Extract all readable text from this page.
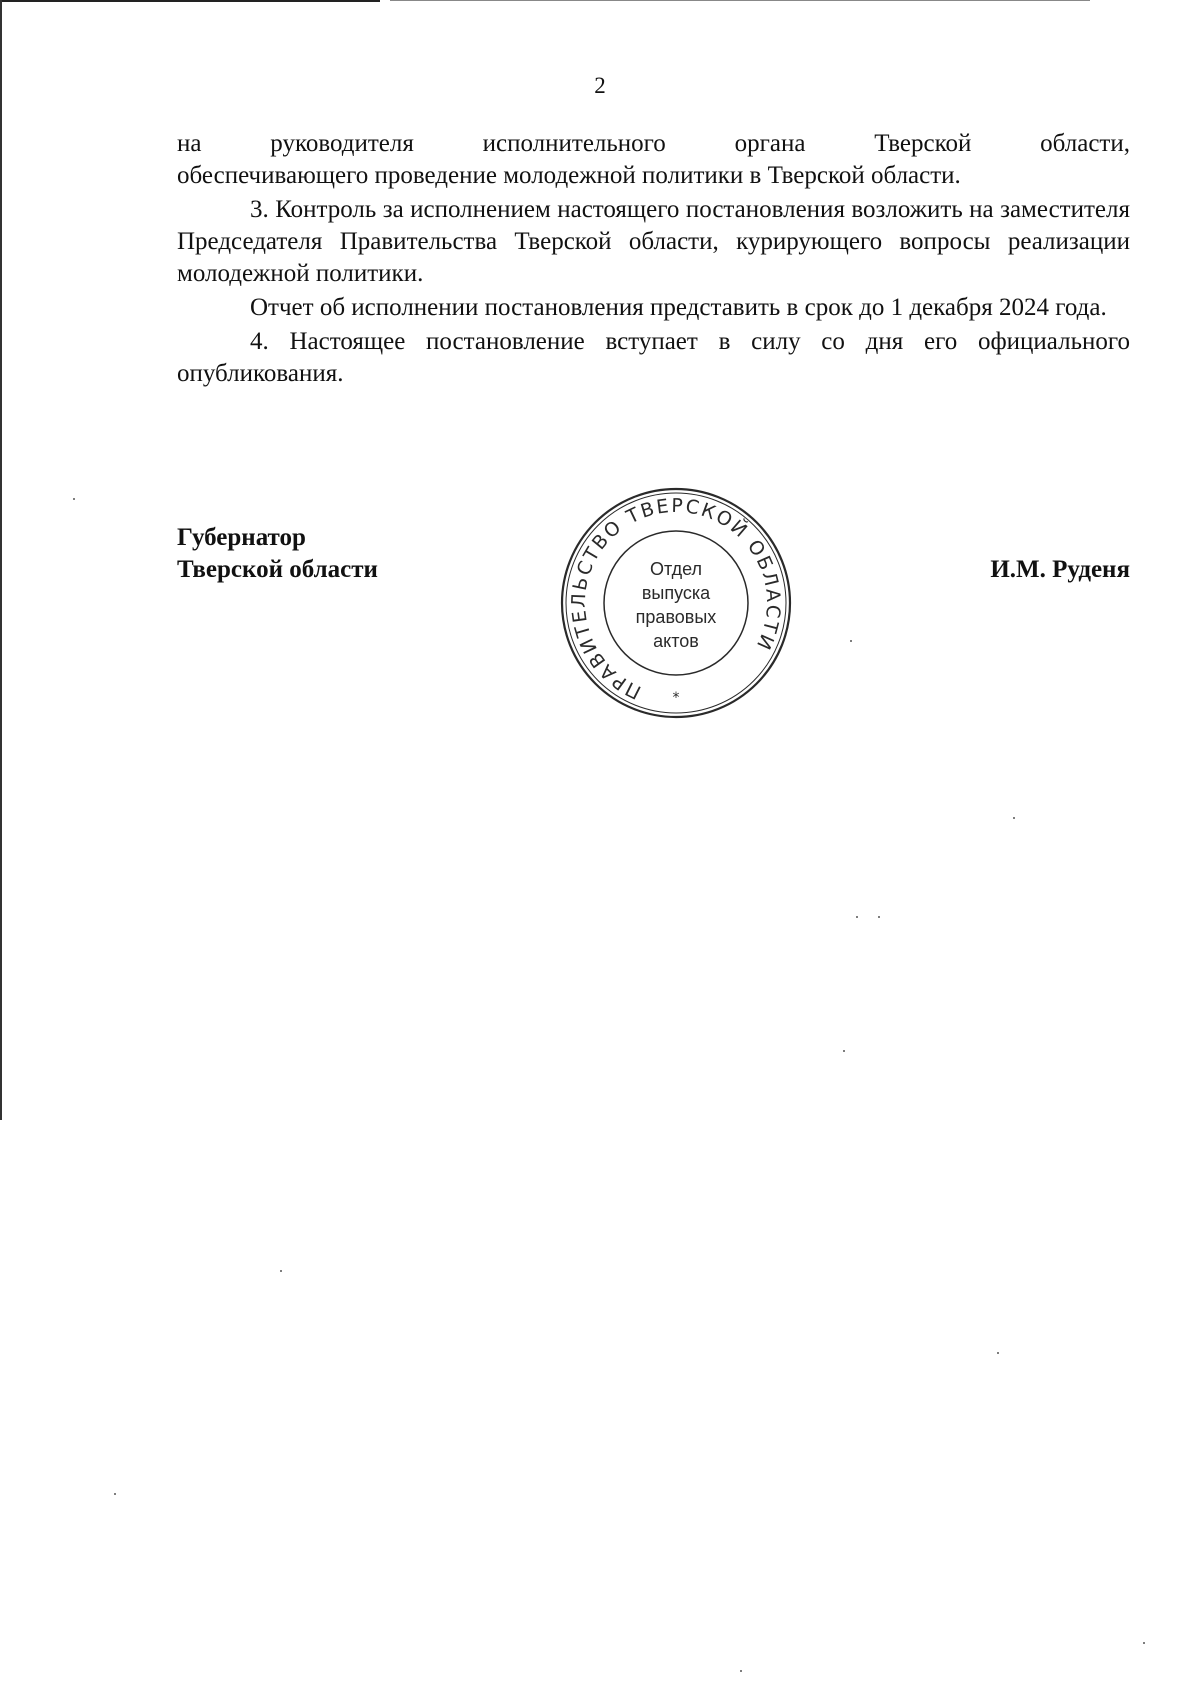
2

на руководителя исполнительного органа Тверской области,
обеспечивающего проведение молодежной политики в Тверской области.

3. Контроль за исполнением настоящего постановления возложить на заместителя Председателя Правительства Тверской области, курирующего вопросы реализации молодежной политики.

Отчет об исполнении постановления представить в срок до 1 декабря 2024 года.

4. Настоящее постановление вступает в силу со дня его официального опубликования.

Губернатор
Тверской области
ПРАВИТЕЛЬСТВО ТВЕРСКОЙ ОБЛАСТИ
*
Отдел
выпуска
правовых
актов
И.М. Руденя
